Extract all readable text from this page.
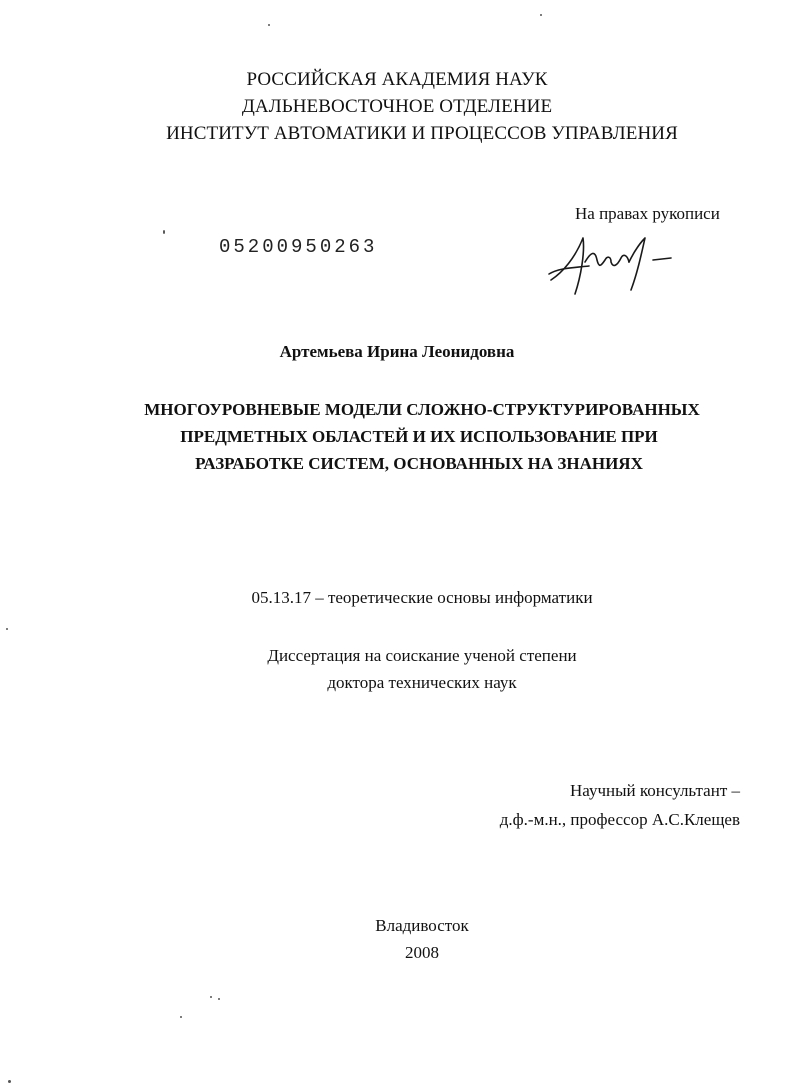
РОССИЙСКАЯ АКАДЕМИЯ НАУК
ДАЛЬНЕВОСТОЧНОЕ ОТДЕЛЕНИЕ
ИНСТИТУТ АВТОМАТИКИ И ПРОЦЕССОВ УПРАВЛЕНИЯ
На правах рукописи
05200950263
Артемьева Ирина Леонидовна
МНОГОУРОВНЕВЫЕ МОДЕЛИ СЛОЖНО-СТРУКТУРИРОВАННЫХ
ПРЕДМЕТНЫХ ОБЛАСТЕЙ И ИХ ИСПОЛЬЗОВАНИЕ ПРИ
РАЗРАБОТКЕ СИСТЕМ, ОСНОВАННЫХ НА ЗНАНИЯХ
05.13.17 – теоретические основы информатики
Диссертация на соискание ученой степени
доктора технических наук
Научный консультант –
д.ф.-м.н., профессор А.С.Клещев
Владивосток
2008
